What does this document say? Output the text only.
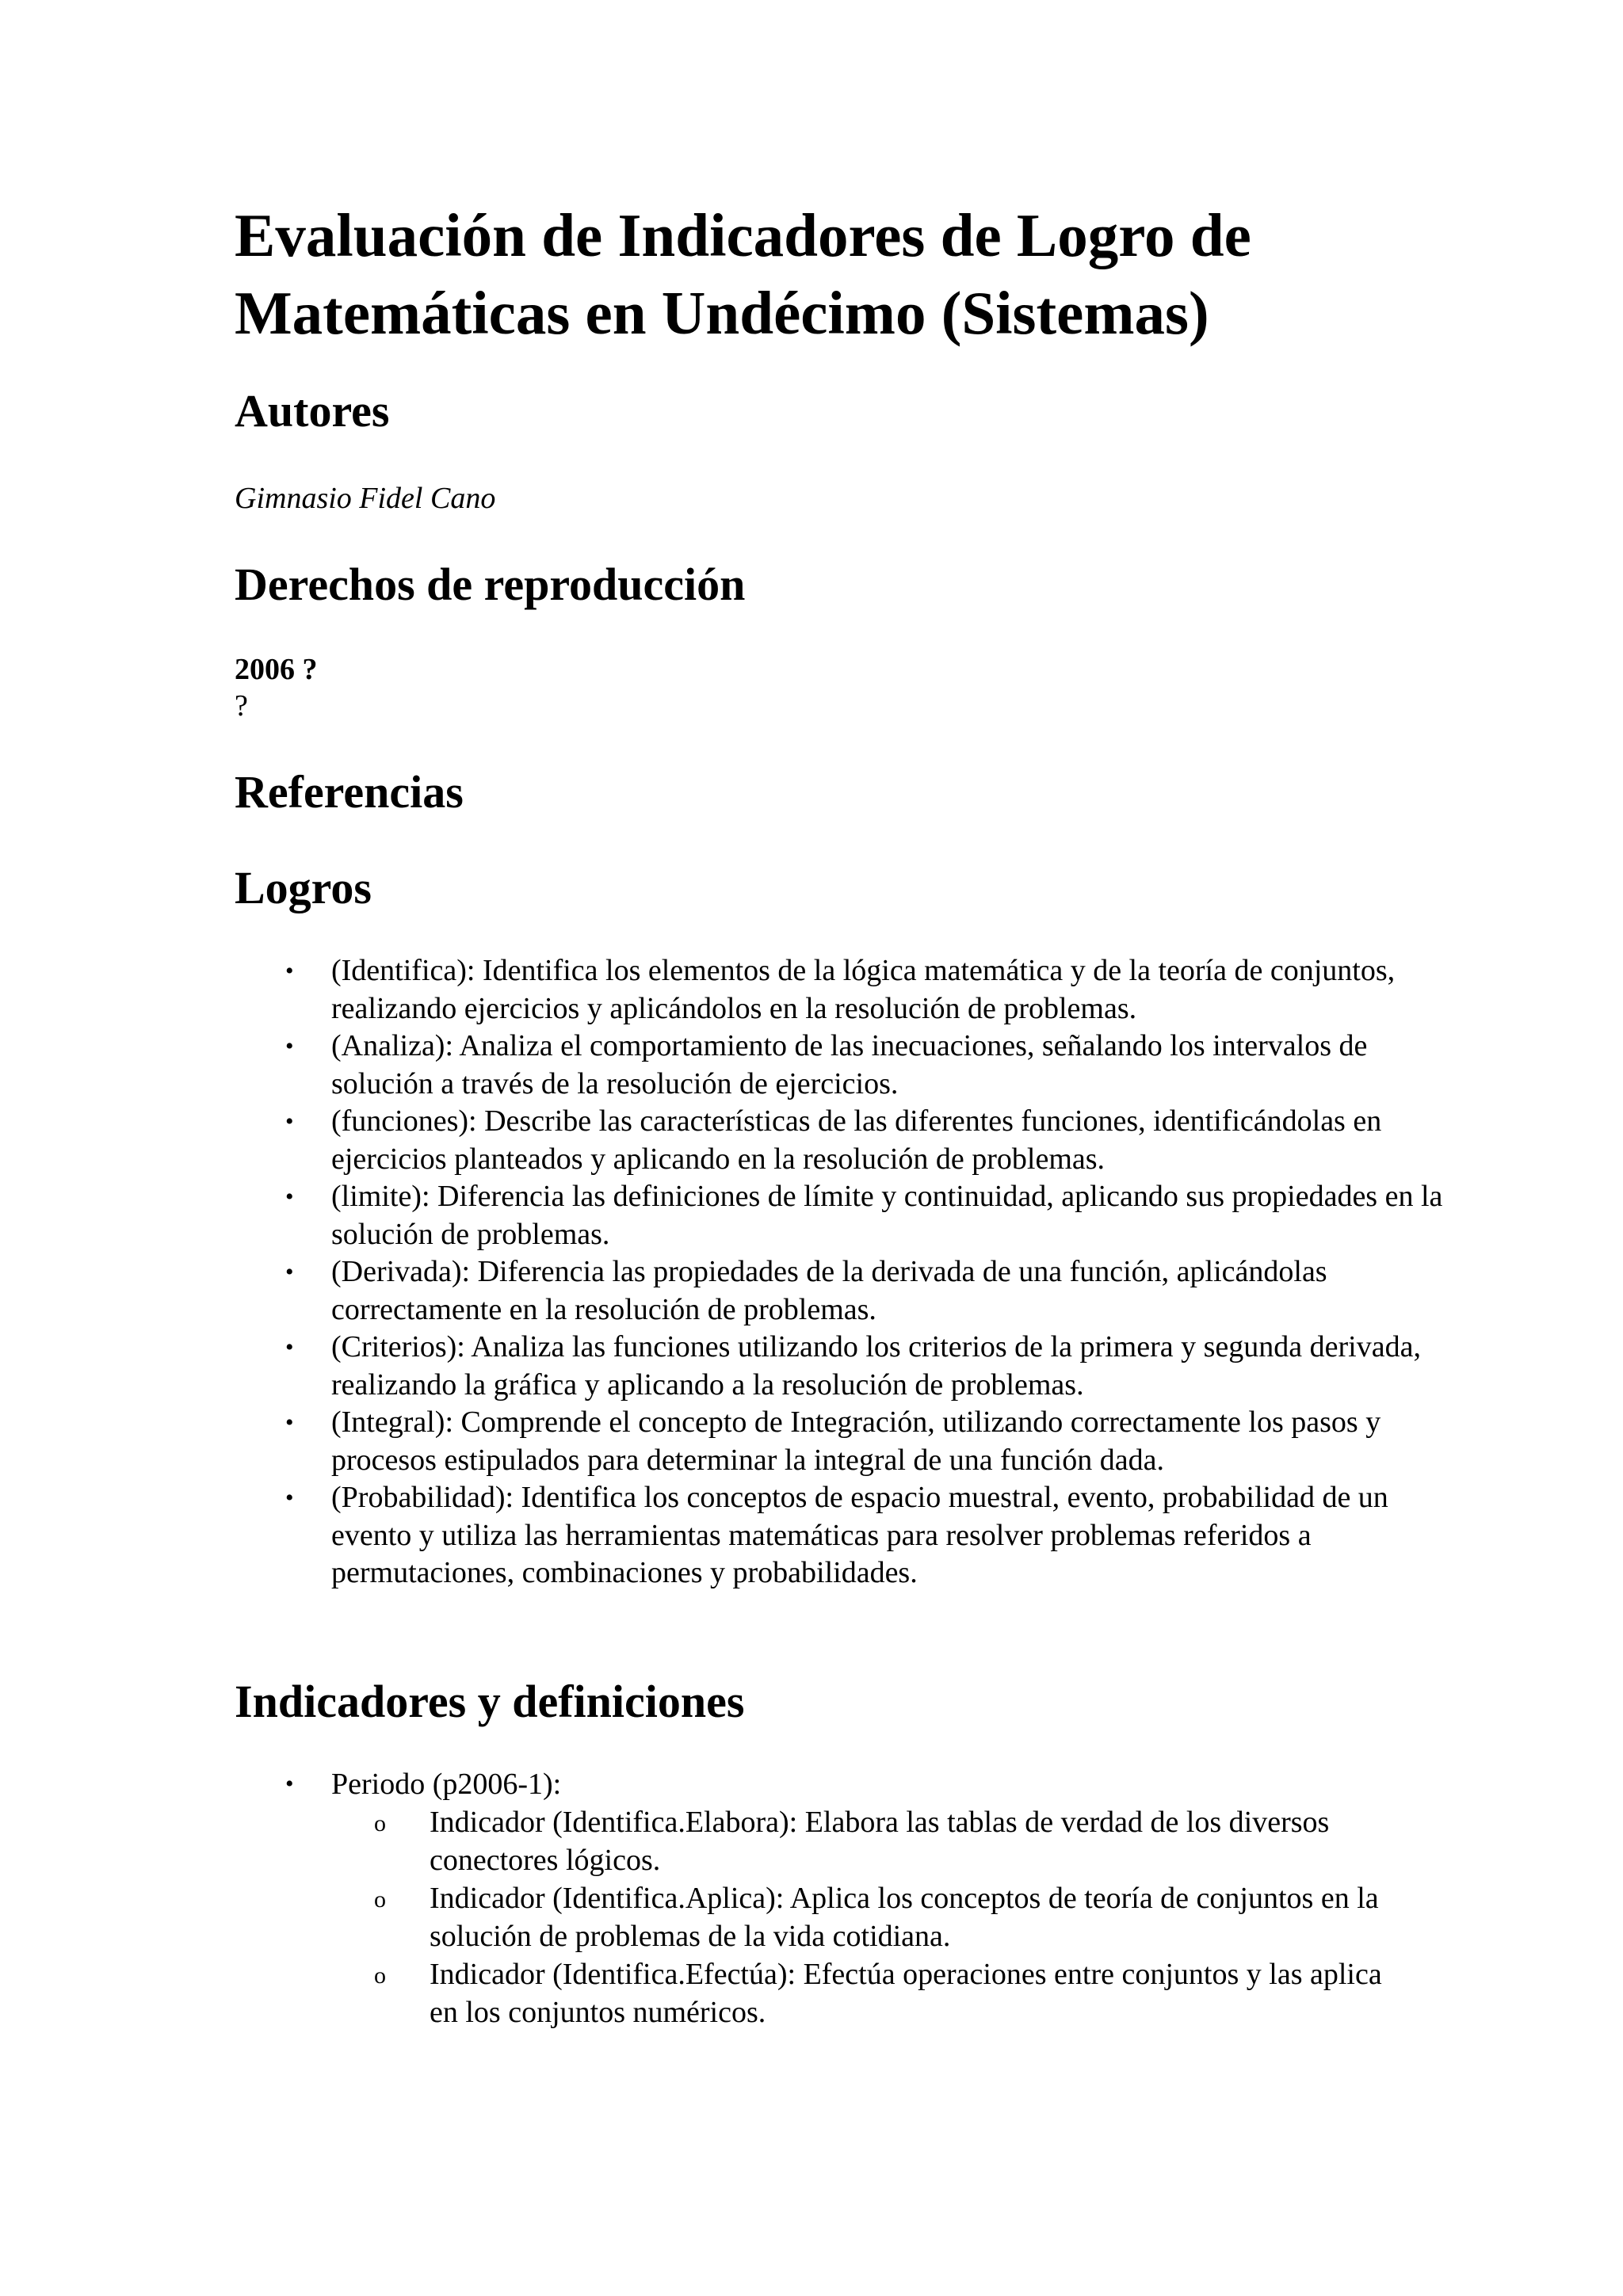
Evaluación de Indicadores de Logro de Matemáticas en Undécimo (Sistemas)
Autores
Gimnasio Fidel Cano
Derechos de reproducción
2006 ?
?
Referencias
Logros
• (Identifica): Identifica los elementos de la lógica matemática y de la teoría de conjuntos, realizando ejercicios y aplicándolos en la resolución de problemas.
• (Analiza): Analiza el comportamiento de las inecuaciones, señalando los intervalos de solución a través de la resolución de ejercicios.
• (funciones): Describe las características de las diferentes funciones, identificándolas en ejercicios planteados y aplicando en la resolución de problemas.
• (limite): Diferencia las definiciones de límite y continuidad, aplicando sus propiedades en la solución de problemas.
• (Derivada): Diferencia las propiedades de la derivada de una función, aplicándolas correctamente en la resolución de problemas.
• (Criterios): Analiza las funciones utilizando los criterios de la primera y segunda derivada, realizando la gráfica y aplicando a la resolución de problemas.
• (Integral): Comprende el concepto de Integración, utilizando correctamente los pasos y procesos estipulados para determinar la integral de una función dada.
• (Probabilidad): Identifica los conceptos de espacio muestral, evento, probabilidad de un evento y utiliza las herramientas matemáticas para resolver problemas referidos a permutaciones, combinaciones y probabilidades.
Indicadores y definiciones
• Periodo (p2006-1):
o Indicador (Identifica.Elabora): Elabora las tablas de verdad de los diversos conectores lógicos.
o Indicador (Identifica.Aplica): Aplica los conceptos de teoría de conjuntos en la solución de problemas de la vida cotidiana.
o Indicador (Identifica.Efectúa): Efectúa operaciones entre conjuntos y las aplica en los conjuntos numéricos.
